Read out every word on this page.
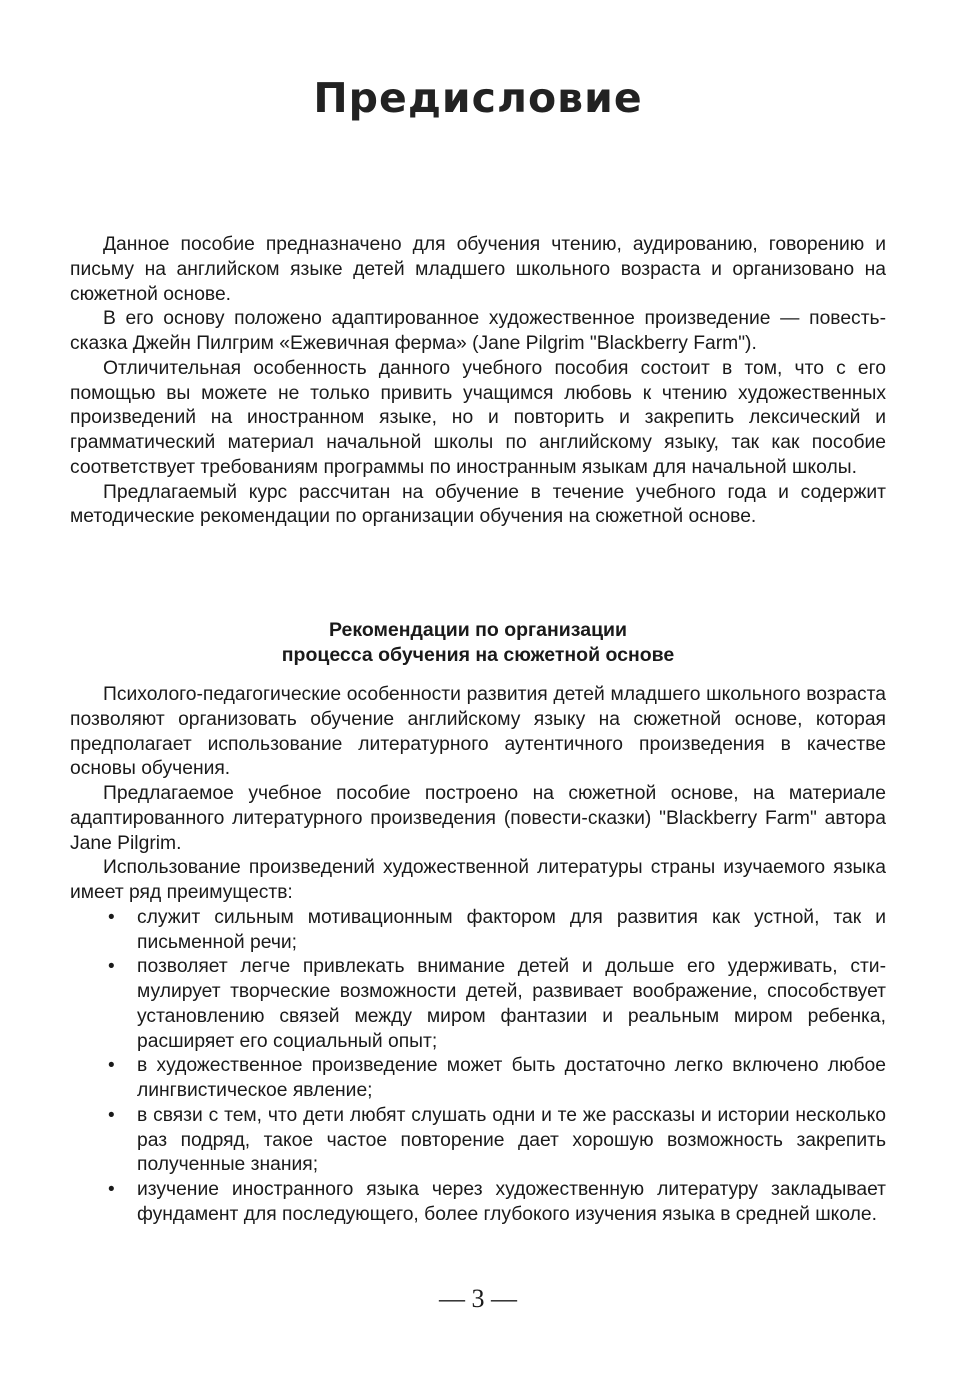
Предисловие

Данное пособие предназначено для обучения чтению, аудированию, говорению и письму на английском языке детей младшего школьного возраста и организовано на сюжетной основе.

В его основу положено адаптированное художественное произведение — повесть-сказка Джейн Пилгрим «Ежевичная ферма» (Jane Pilgrim "Blackberry Farm").

Отличительная особенность данного учебного пособия состоит в том, что с его помощью вы можете не только привить учащимся любовь к чтению художественных произведений на иностранном языке, но и повторить и закрепить лексический и грамматический материал начальной школы по английскому языку, так как пособие соответствует требованиям программы по иностранным языкам для начальной школы.

Предлагаемый курс рассчитан на обучение в течение учебного года и содержит методические рекомендации по организации обучения на сюжетной основе.

Рекомендации по организации
процесса обучения на сюжетной основе

Психолого-педагогические особенности развития детей младшего школьного возраста позволяют организовать обучение английскому языку на сюжетной основе, которая предполагает использование литературного аутентичного произведения в качестве основы обучения.

Предлагаемое учебное пособие построено на сюжетной основе, на материале адаптированного литературного произведения (повести-сказки) "Blackberry Farm" автора Jane Pilgrim.

Использование произведений художественной литературы страны изучаемого языка имеет ряд преимуществ:

• служит сильным мотивационным фактором для развития как устной, так и письменной речи;
• позволяет легче привлекать внимание детей и дольше его удерживать, стимулирует творческие возможности детей, развивает воображение, способствует установлению связей между миром фантазии и реальным миром ребенка, расширяет его социальный опыт;
• в художественное произведение может быть достаточно легко включено любое лингвистическое явление;
• в связи с тем, что дети любят слушать одни и те же рассказы и истории несколько раз подряд, такое частое повторение дает хорошую возможность закрепить полученные знания;
• изучение иностранного языка через художественную литературу закладывает фундамент для последующего, более глубокого изучения языка в средней школе.
— 3 —
